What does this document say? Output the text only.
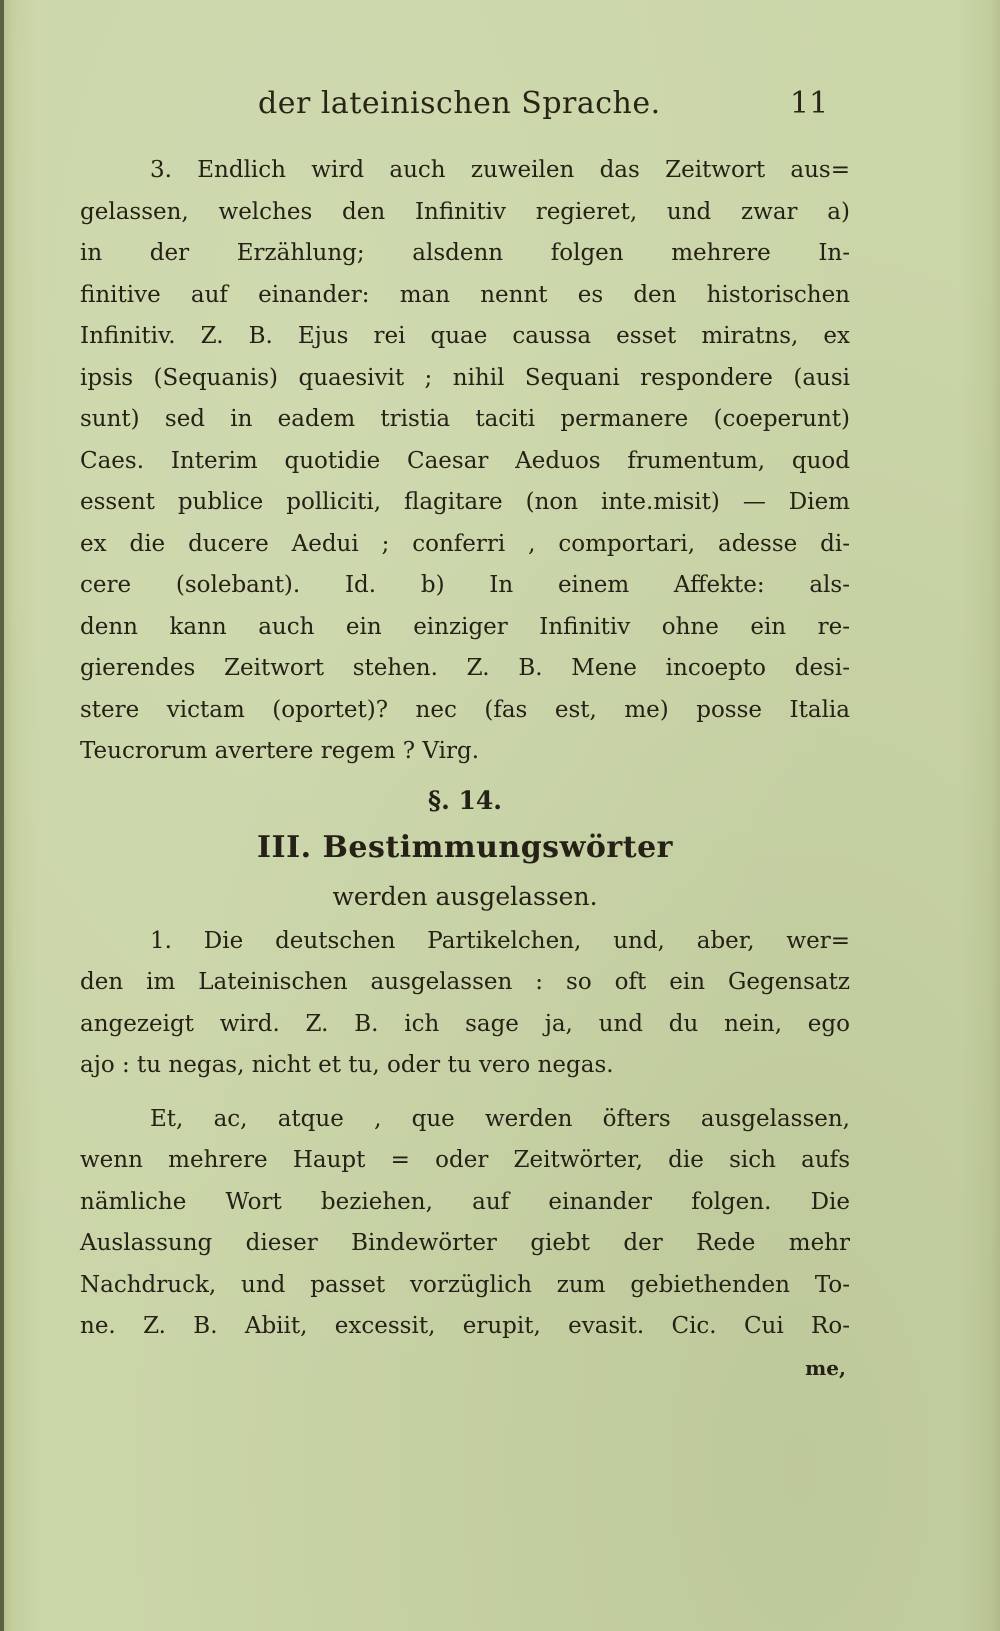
der lateinischen Sprache.	11
3. Endlich wird auch zuweilen das Zeitwort aus=
gelassen, welches den Infinitiv regieret, und zwar a)
in der Erzählung; alsdenn folgen mehrere In-
finitive auf einander: man nennt es den historischen
Infinitiv. Z. B. Ejus rei quae caussa esset miratns, ex
ipsis (Sequanis) quaesivit ; nihil Sequani respondere (ausi
sunt) sed in eadem tristia taciti permanere (coeperunt)
Caes. Interim quotidie Caesar Aeduos frumentum, quod
essent publice polliciti, flagitare (non inte.misit) — Diem
ex die ducere Aedui ; conferri , comportari, adesse di-
cere (solebant). Id. b) In einem Affekte: als-
denn kann auch ein einziger Infinitiv ohne ein re-
gierendes Zeitwort stehen. Z. B. Mene incoepto desi-
stere victam (oportet)? nec (fas est, me) posse Italia
Teucrorum avertere regem ? Virg.
§. 14.
III. Bestimmungswörter
werden ausgelassen.
1. Die deutschen Partikelchen, und, aber, wer=
den im Lateinischen ausgelassen : so oft ein Gegensatz
angezeigt wird. Z. B. ich sage ja, und du nein, ego
ajo : tu negas, nicht et tu, oder tu vero negas.
Et, ac, atque , que werden öfters ausgelassen,
wenn mehrere Haupt = oder Zeitwörter, die sich aufs
nämliche Wort beziehen, auf einander folgen. Die
Auslassung dieser Bindewörter giebt der Rede mehr
Nachdruck, und passet vorzüglich zum gebiethenden To-
ne. Z. B. Abiit, excessit, erupit, evasit. Cic. Cui Ro-
me,
